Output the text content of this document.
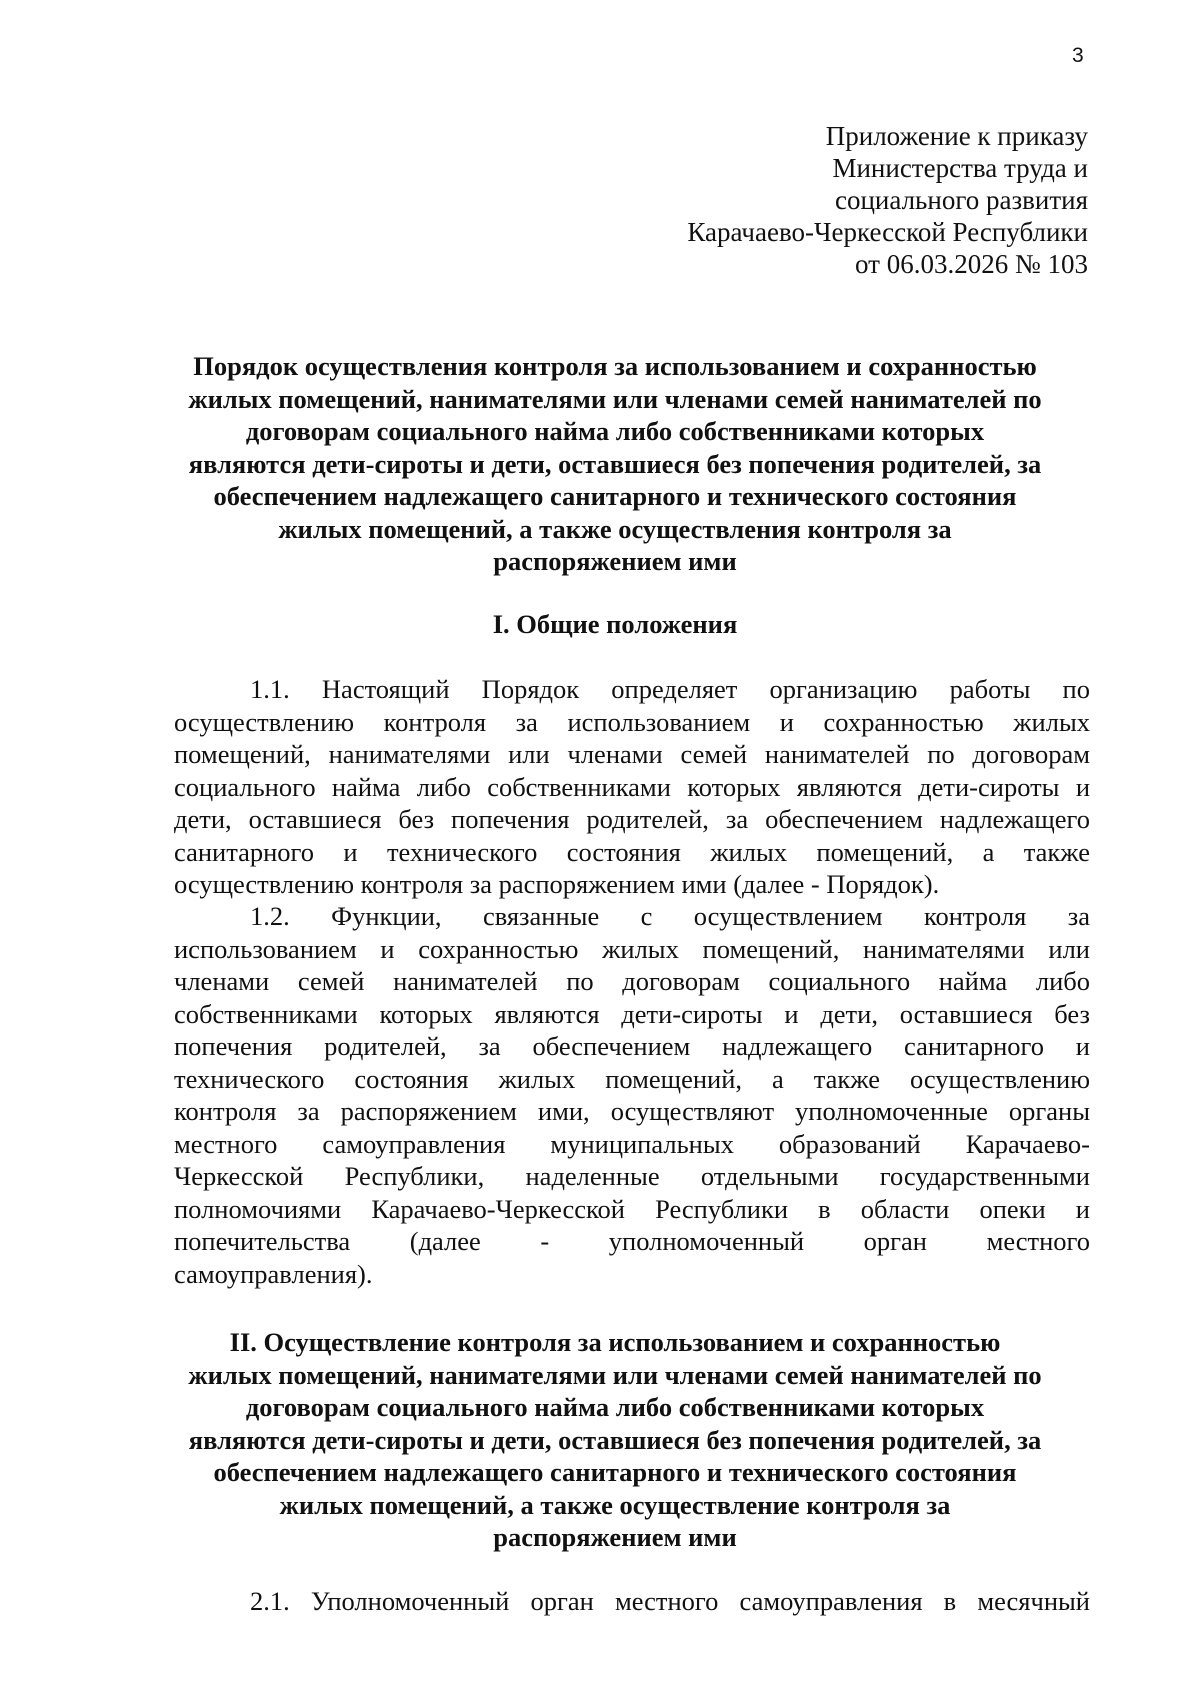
3
Приложение к приказу
Министерства труда и
социального развития
Карачаево-Черкесской Республики
от 06.03.2026 № 103
Порядок осуществления контроля за использованием и сохранностью
жилых помещений, нанимателями или членами семей нанимателей по
договорам социального найма либо собственниками которых
являются дети-сироты и дети, оставшиеся без попечения родителей, за
обеспечением надлежащего санитарного и технического состояния
жилых помещений, а также осуществления контроля за
распоряжением ими
I. Общие положения
1.1. Настоящий Порядок определяет организацию работы по
осуществлению контроля за использованием и сохранностью жилых
помещений, нанимателями или членами семей нанимателей по договорам
социального найма либо собственниками которых являются дети-сироты и
дети, оставшиеся без попечения родителей, за обеспечением надлежащего
санитарного и технического состояния жилых помещений, а также
осуществлению контроля за распоряжением ими (далее - Порядок).
1.2. Функции, связанные с осуществлением контроля за
использованием и сохранностью жилых помещений, нанимателями или
членами семей нанимателей по договорам социального найма либо
собственниками которых являются дети-сироты и дети, оставшиеся без
попечения родителей, за обеспечением надлежащего санитарного и
технического состояния жилых помещений, а также осуществлению
контроля за распоряжением ими, осуществляют уполномоченные органы
местного самоуправления муниципальных образований Карачаево-
Черкесской Республики, наделенные отдельными государственными
полномочиями Карачаево-Черкесской Республики в области опеки и
попечительства (далее - уполномоченный орган местного
самоуправления).
II. Осуществление контроля за использованием и сохранностью
жилых помещений, нанимателями или членами семей нанимателей по
договорам социального найма либо собственниками которых
являются дети-сироты и дети, оставшиеся без попечения родителей, за
обеспечением надлежащего санитарного и технического состояния
жилых помещений, а также осуществление контроля за
распоряжением ими
2.1. Уполномоченный орган местного самоуправления в месячный
